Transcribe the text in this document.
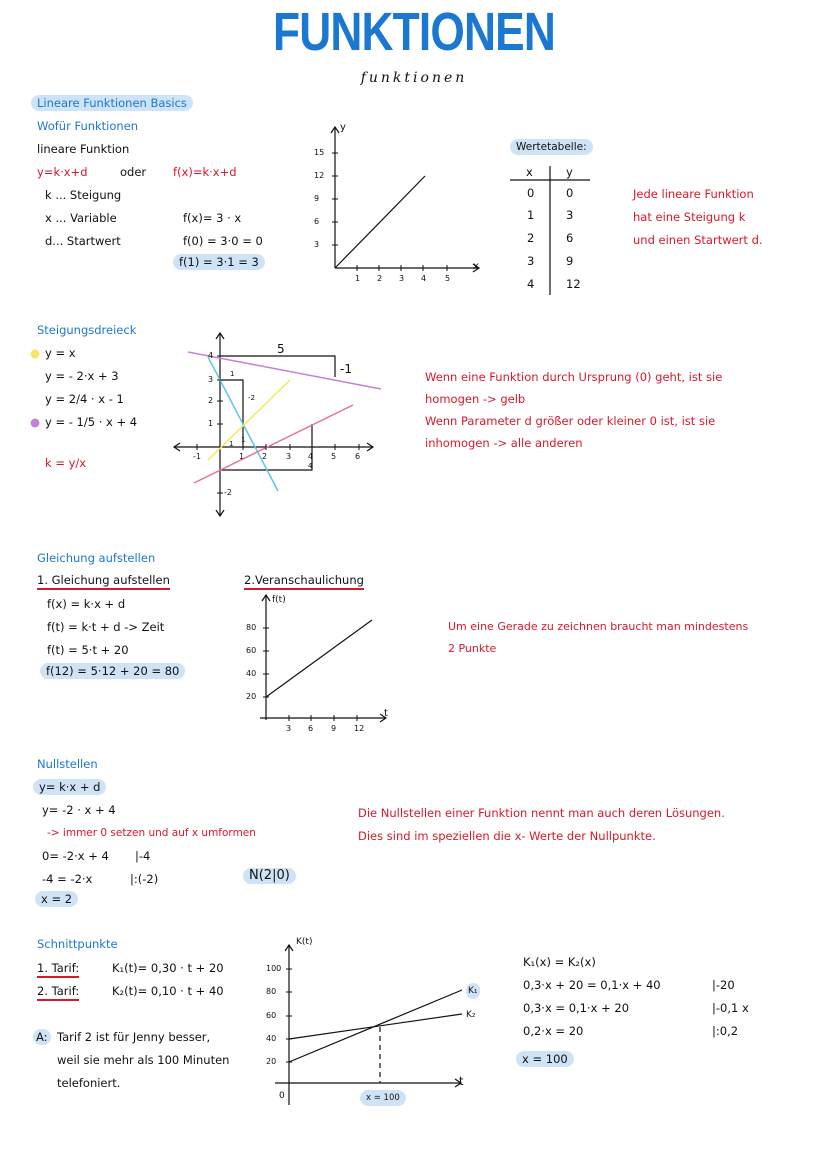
FUNKTIONEN
funktionen
Lineare Funktionen Basics
Wofür Funktionen
lineare Funktion
y=k·x+d	oder f(x)=k·x+d
k ... Steigung
x ... Variable
d... Startwert
f(x)= 3 · x
f(0) = 3·0 = 0
f(1) = 3·1 = 3
y
x
15
12
9
6
3
1 2 3 4 5
Wertetabelle:
x	y
0	0
1	3
2	6
3	9
4	12
Jede lineare Funktion
hat eine Steigung k
und einen Startwert d.
Steigungsdreieck
● y = x
y = - 2·x + 3
y = 2/4 · x - 1
● y = - 1/5 · x + 4
k = y/x	-1	1 2 3 4 5 6
4
3
2
1
-2
5
-1
1
-2
1 1
4
Wenn eine Funktion durch Ursprung (0) geht, ist sie
homogen -> gelb
Wenn Parameter d größer oder kleiner 0 ist, ist sie
inhomogen -> alle anderen
Gleichung aufstellen
1. Gleichung aufstellen	2.Veranschaulichung
f(x) = k·x + d
f(t) = k·t + d -> Zeit
f(t) = 5·t + 20
f(12) = 5·12 + 20 = 80
f(t)
t
80
60
40
20
3 6 9 12
Um eine Gerade zu zeichnen braucht man mindestens
2 Punkte
Nullstellen
y= k·x + d
y= -2 · x + 4
-> immer 0 setzen und auf x umformen
0= -2·x + 4 |-4
-4 = -2·x	|:(-2)	N(2|0)
x = 2
Die Nullstellen einer Funktion nennt man auch deren Lösungen.
Dies sind im speziellen die x- Werte der Nullpunkte.
Schnittpunkte
1. Tarif:	K₁(t)= 0,30 · t + 20
2. Tarif:	K₂(t)= 0,10 · t + 40
A: Tarif 2 ist für Jenny besser,
weil sie mehr als 100 Minuten
telefoniert.
K(t)
t
0
K₁
K₂
x = 100
100
80
60
40
20
K₁(x) = K₂(x)
0,3·x + 20 = 0,1·x + 40	|-20
0,3·x = 0,1·x + 20	|-0,1 x
0,2·x = 20	|:0,2
x = 100
